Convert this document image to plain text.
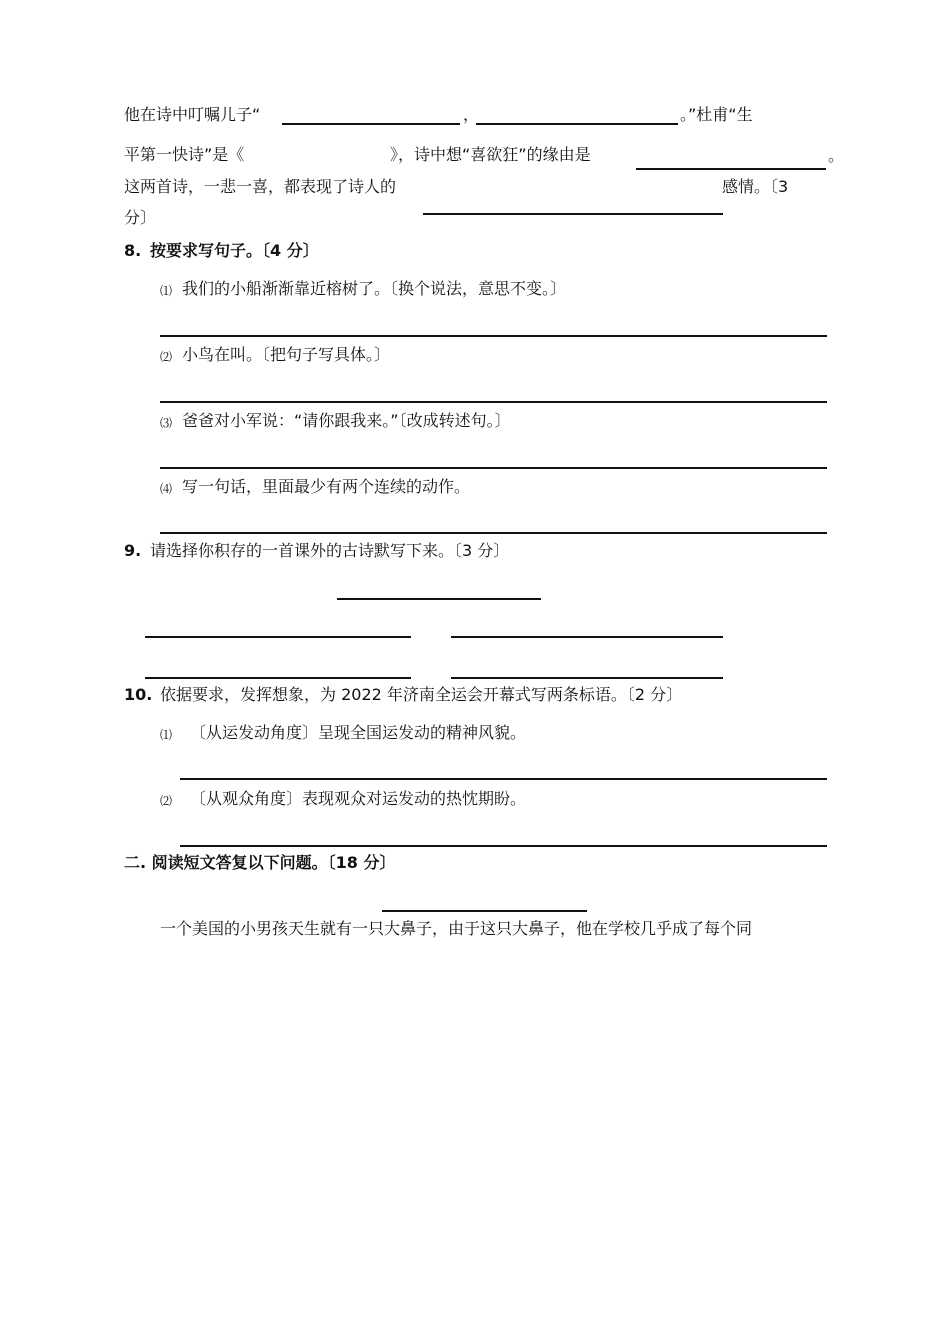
他在诗中叮嘱儿子“	，	。”杜甫“生
平第一快诗”是《	》，诗中想“喜欲狂”的缘由是	。
这两首诗，一悲一喜，都表现了诗人的	感情。〔3
分〕
8. 按要求写句子。〔4 分〕
⑴ 我们的小船渐渐靠近榕树了。〔换个说法，意思不变。〕
⑵ 小鸟在叫。〔把句子写具体。〕
⑶ 爸爸对小军说：“请你跟我来。”〔改成转述句。〕
⑷ 写一句话，里面最少有两个连续的动作。
9. 请选择你积存的一首课外的古诗默写下来。〔3 分〕
10. 依据要求，发挥想象，为 2022 年济南全运会开幕式写两条标语。〔2 分〕
⑴ 〔从运发动角度〕呈现全国运发动的精神风貌。
⑵ 〔从观众角度〕表现观众对运发动的热忱期盼。
二. 阅读短文答复以下问题。〔18 分〕
一个美国的小男孩天生就有一只大鼻子，由于这只大鼻子，他在学校几乎成了每个同
